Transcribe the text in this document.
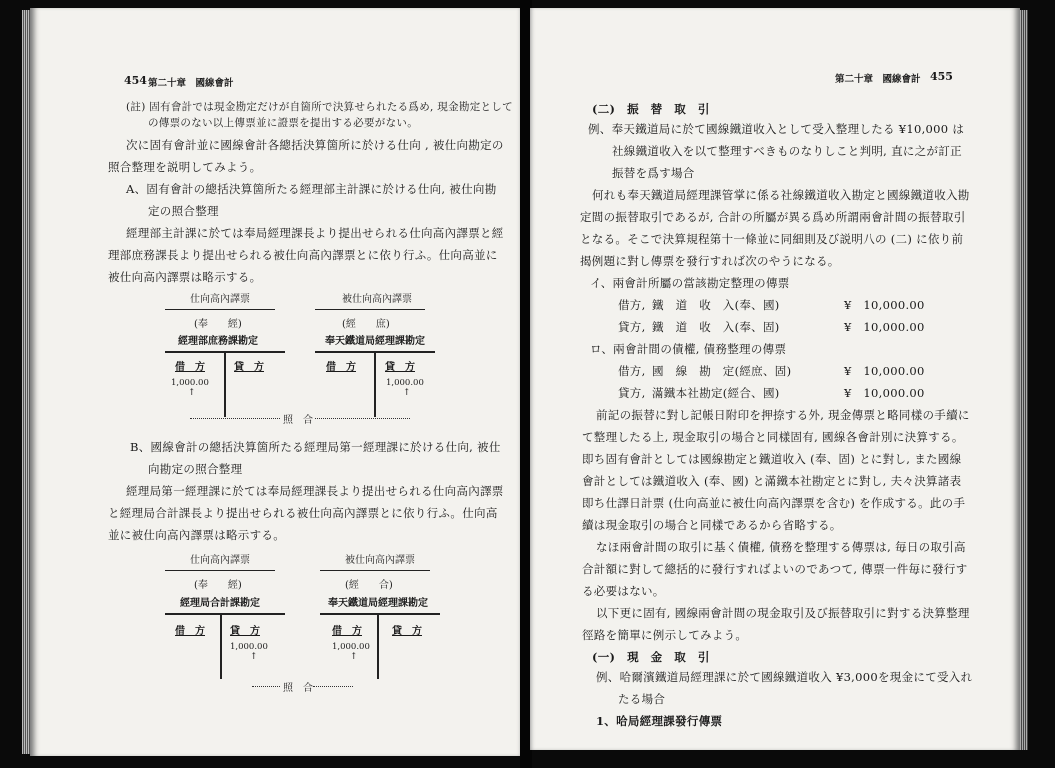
454 第二十章　國線會計
(註) 固有會計では現金勘定だけが自箇所で決算せられたる爲め, 現金勘定として
の傳票のない以上傳票並に證票を提出する必要がない。
次に固有會計並に國線會計各總括決算箇所に於ける仕向 , 被仕向勘定の
照合整理を説明してみよう。
A、固有會計の總括決算箇所たる經理部主計課に於ける仕向, 被仕向勘
定の照合整理
經理部主計課に於ては奉局經理課長より提出せられる仕向高內譯票と經
理部庶務課長より提出せられる被仕向高內譯票とに依り行ふ。仕向高並に
被仕向高內譯票は略示する。
仕向高內譯票
(奉　　經)
經理部庶務課勘定
借　方	貸　方
1,000.00
↑
被仕向高內譯票
(經　　庶)
奉天鐵道局經理課勘定
借　方	貸　方
1,000.00
↑
照　合
B、國線會計の總括決算箇所たる經理局第一經理課に於ける仕向, 被仕
向勘定の照合整理
經理局第一經理課に於ては奉局經理課長より提出せられる仕向高內譯票
と經理局合計課長より提出せられる被仕向高內譯票とに依り行ふ。仕向高
並に被仕向高內譯票は略示する。
仕向高內譯票
(奉　　經)
經理局合計課勘定
借　方	貸　方
1,000.00
↑
被仕向高內譯票
(經　　合)
奉天鐵道局經理課勘定
借　方	貸　方
1,000.00
↑
照　合
第二十章　國線會計 455
(二)　振　替　取　引
例、奉天鐵道局に於て國線鐵道收入として受入整理したる ¥10,000 は
社線鐵道收入を以て整理すべきものなりしこと判明, 直に之が訂正
振替を爲す場合
何れも奉天鐵道局經理課管掌に係る社線鐵道收入勘定と國線鐵道收入勘
定間の振替取引であるが, 合計の所屬が異る爲め所謂兩會計間の振替取引
となる。そこで決算規程第十一條並に同細則及び説明八の (二) に依り前
揭例題に對し傳票を發行すれば次のやうになる。
イ、兩會計所屬の當該勘定整理の傳票
借方, 鐵　道　收　入(奉、國)	¥　10,000.00
貸方, 鐵　道　收　入(奉、固)	¥　10,000.00
ロ、兩會計間の債權, 債務整理の傳票
借方, 國　線　勘　定(經庶、固)	¥　10,000.00
貸方, 滿鐵本社勘定(經合、國)	¥　10,000.00
前記の振替に對し記帳日附印を押捺する外, 現金傳票と略同樣の手續に
て整理したる上, 現金取引の場合と同樣固有, 國線各會計別に決算する。
即ち固有會計としては國線勘定と鐵道收入 (奉、固) とに對し, また國線
會計としては鐵道收入 (奉、國) と滿鐵本社勘定とに對し, 夫々決算諸表
即ち仕譯日計票 (仕向高並に被仕向高內譯票を含む) を作成する。此の手
續は現金取引の場合と同樣であるから省略する。
なほ兩會計間の取引に基く債權, 債務を整理する傳票は, 毎日の取引高
合計額に對して總括的に發行すればよいのであつて, 傳票一件毎に發行す
る必要はない。
以下更に固有, 國線兩會計間の現金取引及び振替取引に對する決算整理
徑路を簡單に例示してみよう。
(一)　現　金　取　引
例、哈爾濱鐵道局經理課に於て國線鐵道收入 ¥3,000を現金にて受入れ
たる場合
1、哈局經理課發行傳票
